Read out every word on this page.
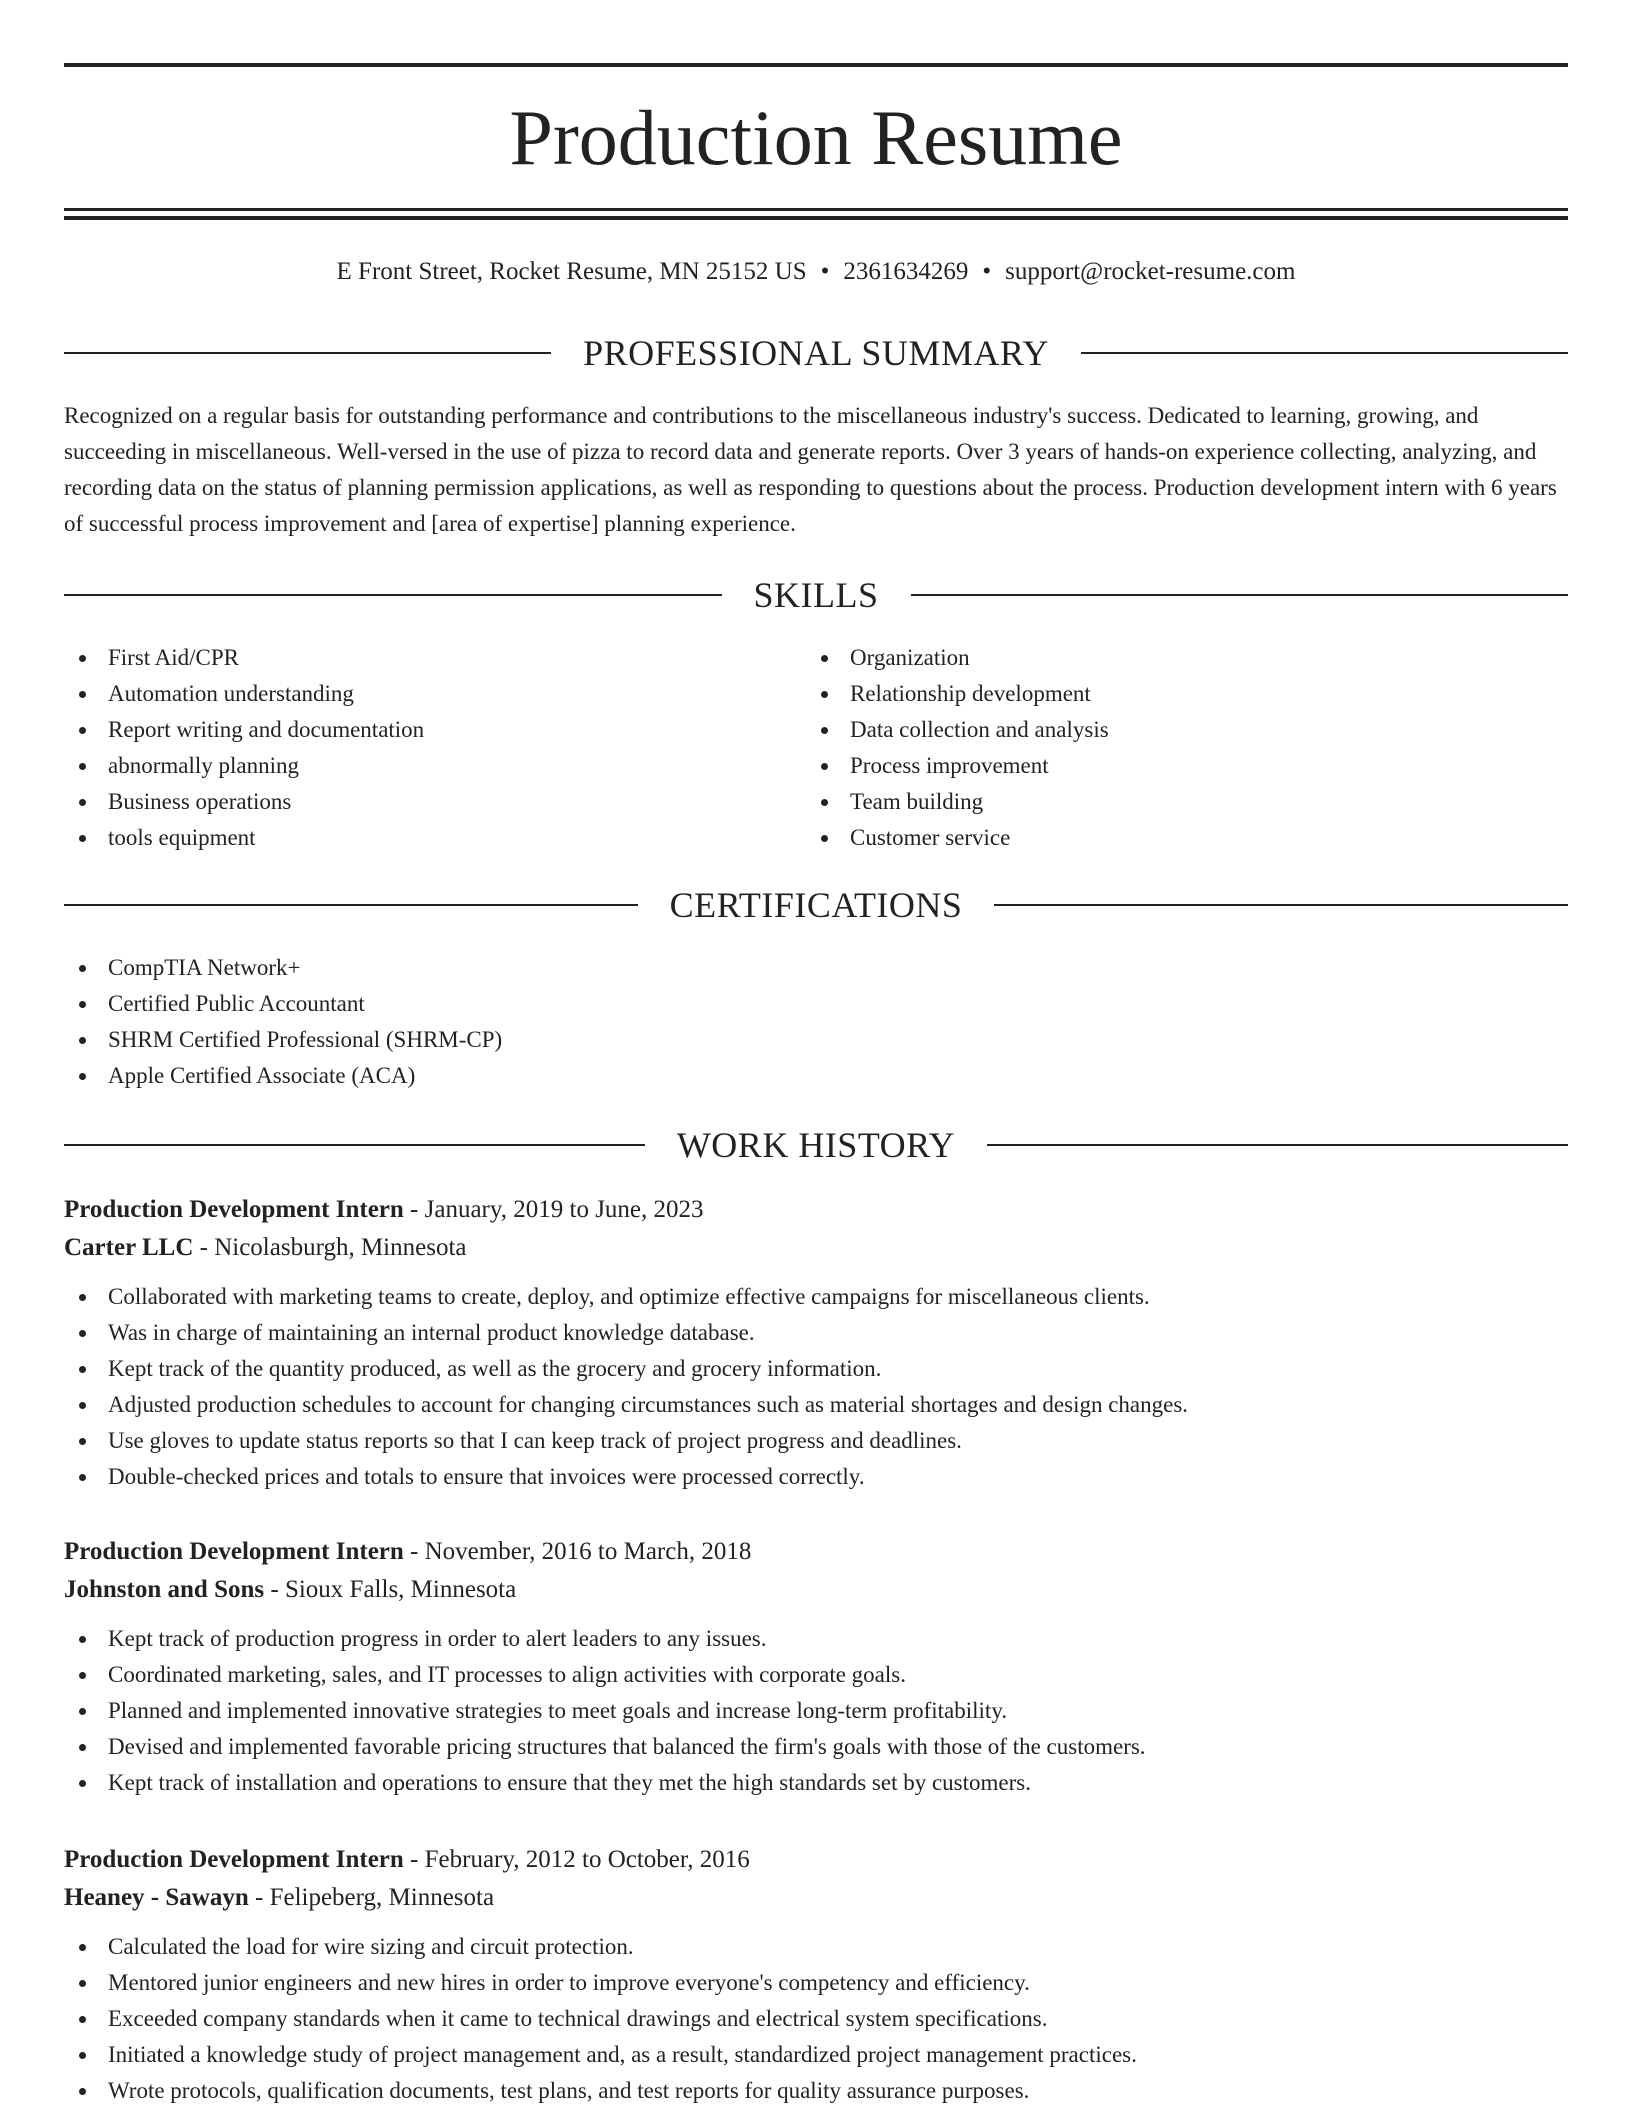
Production Resume
E Front Street, Rocket Resume, MN 25152 US • 2361634269 • support@rocket-resume.com
PROFESSIONAL SUMMARY

Recognized on a regular basis for outstanding performance and contributions to the miscellaneous industry's success. Dedicated to learning, growing, and succeeding in miscellaneous. Well-versed in the use of pizza to record data and generate reports. Over 3 years of hands-on experience collecting, analyzing, and recording data on the status of planning permission applications, as well as responding to questions about the process. Production development intern with 6 years of successful process improvement and [area of expertise] planning experience.

SKILLS
First Aid/CPR
Automation understanding
Report writing and documentation
abnormally planning
Business operations
tools equipment
Organization
Relationship development
Data collection and analysis
Process improvement
Team building
Customer service
CERTIFICATIONS
CompTIA Network+
Certified Public Accountant
SHRM Certified Professional (SHRM-CP)
Apple Certified Associate (ACA)
WORK HISTORY
Production Development Intern - January, 2019 to June, 2023
Carter LLC - Nicolasburgh, Minnesota
Collaborated with marketing teams to create, deploy, and optimize effective campaigns for miscellaneous clients.
Was in charge of maintaining an internal product knowledge database.
Kept track of the quantity produced, as well as the grocery and grocery information.
Adjusted production schedules to account for changing circumstances such as material shortages and design changes.
Use gloves to update status reports so that I can keep track of project progress and deadlines.
Double-checked prices and totals to ensure that invoices were processed correctly.
Production Development Intern - November, 2016 to March, 2018
Johnston and Sons - Sioux Falls, Minnesota
Kept track of production progress in order to alert leaders to any issues.
Coordinated marketing, sales, and IT processes to align activities with corporate goals.
Planned and implemented innovative strategies to meet goals and increase long-term profitability.
Devised and implemented favorable pricing structures that balanced the firm's goals with those of the customers.
Kept track of installation and operations to ensure that they met the high standards set by customers.
Production Development Intern - February, 2012 to October, 2016
Heaney - Sawayn - Felipeberg, Minnesota
Calculated the load for wire sizing and circuit protection.
Mentored junior engineers and new hires in order to improve everyone's competency and efficiency.
Exceeded company standards when it came to technical drawings and electrical system specifications.
Initiated a knowledge study of project management and, as a result, standardized project management practices.
Wrote protocols, qualification documents, test plans, and test reports for quality assurance purposes.
